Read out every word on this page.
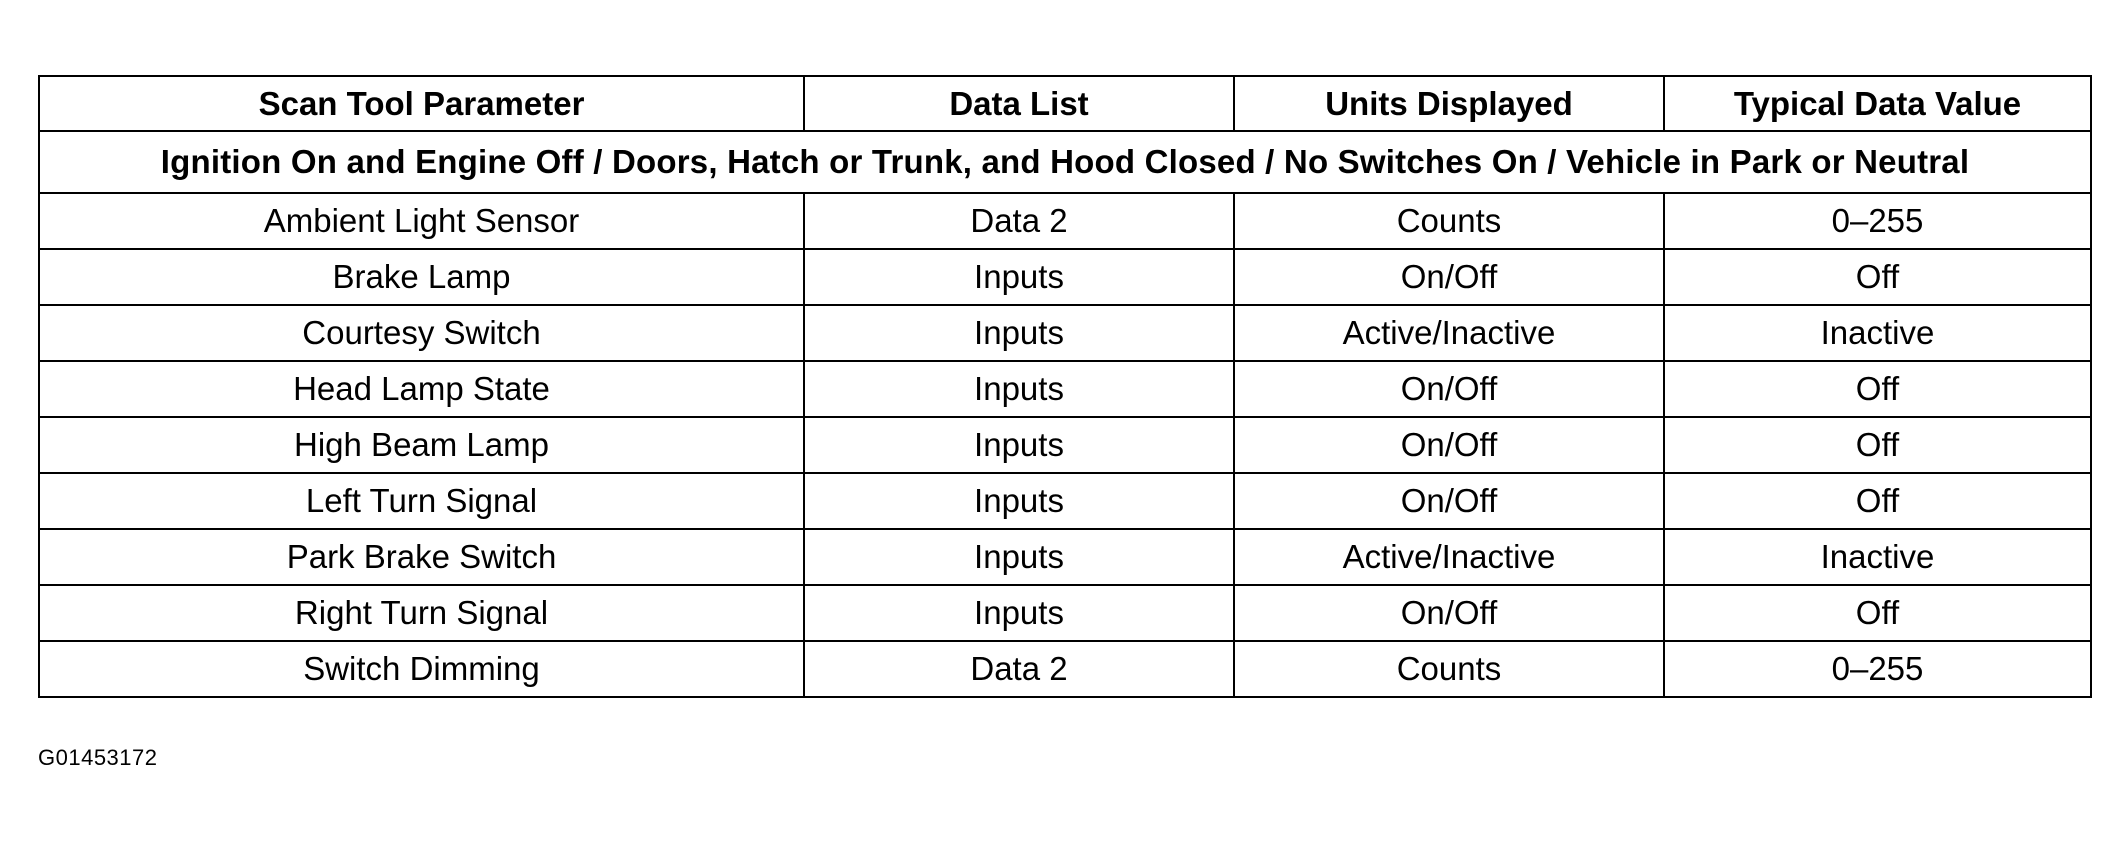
Scan Tool Parameter	Data List	Units Displayed	Typical Data Value
Ignition On and Engine Off / Doors, Hatch or Trunk, and Hood Closed / No Switches On / Vehicle in Park or Neutral			
Ambient Light Sensor	Data 2	Counts	0–255
Brake Lamp	Inputs	On/Off	Off
Courtesy Switch	Inputs	Active/Inactive	Inactive
Head Lamp State	Inputs	On/Off	Off
High Beam Lamp	Inputs	On/Off	Off
Left Turn Signal	Inputs	On/Off	Off
Park Brake Switch	Inputs	Active/Inactive	Inactive
Right Turn Signal	Inputs	On/Off	Off
Switch Dimming	Data 2	Counts	0–255
G01453172
